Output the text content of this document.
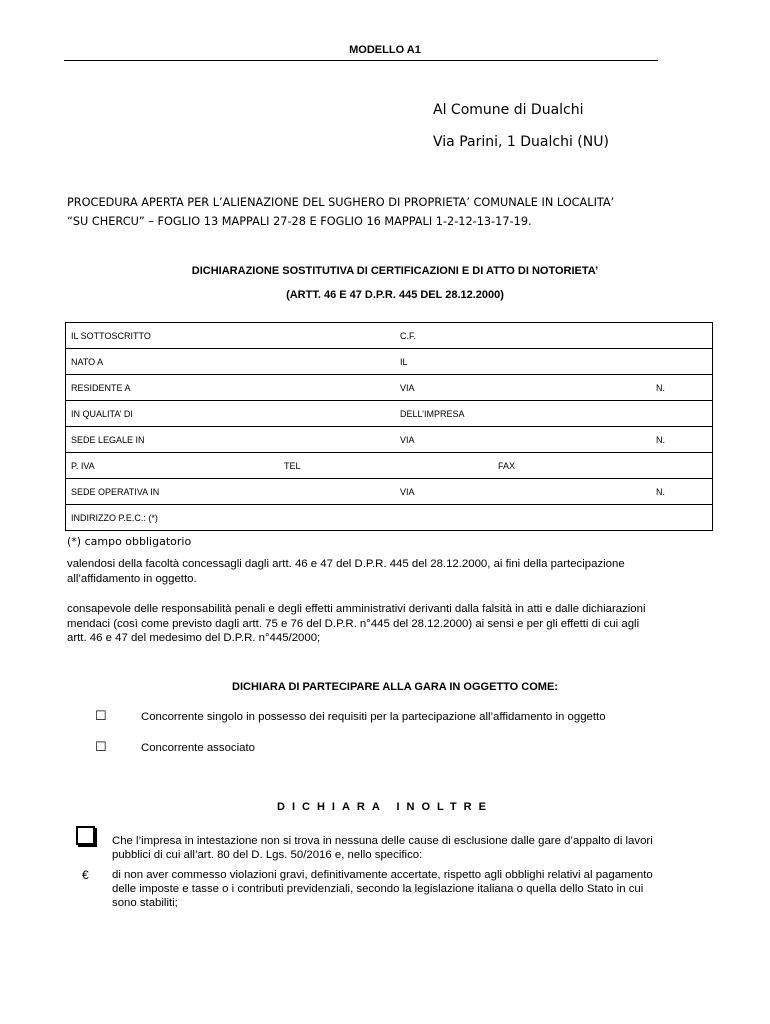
MODELLO A1
Al Comune di Dualchi
Via Parini, 1 Dualchi (NU)
PROCEDURA APERTA PER L’ALIENAZIONE DEL SUGHERO DI PROPRIETA’ COMUNALE IN LOCALITA’
“SU CHERCU” – FOGLIO 13 MAPPALI 27-28 E FOGLIO 16 MAPPALI 1-2-12-13-17-19.
DICHIARAZIONE SOSTITUTIVA DI CERTIFICAZIONI E DI ATTO DI NOTORIETA’
(ARTT. 46 E 47 D.P.R. 445 DEL 28.12.2000)
IL SOTTOSCRITTO	C.F.

NATO A	IL

RESIDENTE A	VIA	N.

IN QUALITA’ DI	DELL’IMPRESA

SEDE LEGALE IN	VIA	N.

P. IVA	TEL	FAX

SEDE OPERATIVA IN	VIA	N.

INDIRIZZO P.E.C.: (*)
(*) campo obbligatorio
valendosi della facoltà concessagli dagli artt. 46 e 47 del D.P.R. 445 del 28.12.2000, ai fini della partecipazione
all’affidamento in oggetto.
consapevole delle responsabilità penali e degli effetti amministrativi derivanti dalla falsità in atti e dalle dichiarazioni
mendaci (così come previsto dagli artt. 75 e 76 del D.P.R. n°445 del 28.12.2000) ai sensi e per gli effetti di cui agli
artt. 46 e 47 del medesimo del D.P.R. n°445/2000;
DICHIARA DI PARTECIPARE ALLA GARA IN OGGETTO COME:
☐	Concorrente singolo in possesso dei requisiti per la partecipazione all’affidamento in oggetto
☐	Concorrente associato
DICHIARA INOLTRE
Che l’impresa in intestazione non si trova in nessuna delle cause di esclusione dalle gare d’appalto di lavori
pubblici di cui all’art. 80 del D. Lgs. 50/2016 e, nello specifico:
€ di non aver commesso violazioni gravi, definitivamente accertate, rispetto agli obblighi relativi al pagamento
delle imposte e tasse o i contributi previdenziali, secondo la legislazione italiana o quella dello Stato in cui
sono stabiliti;
